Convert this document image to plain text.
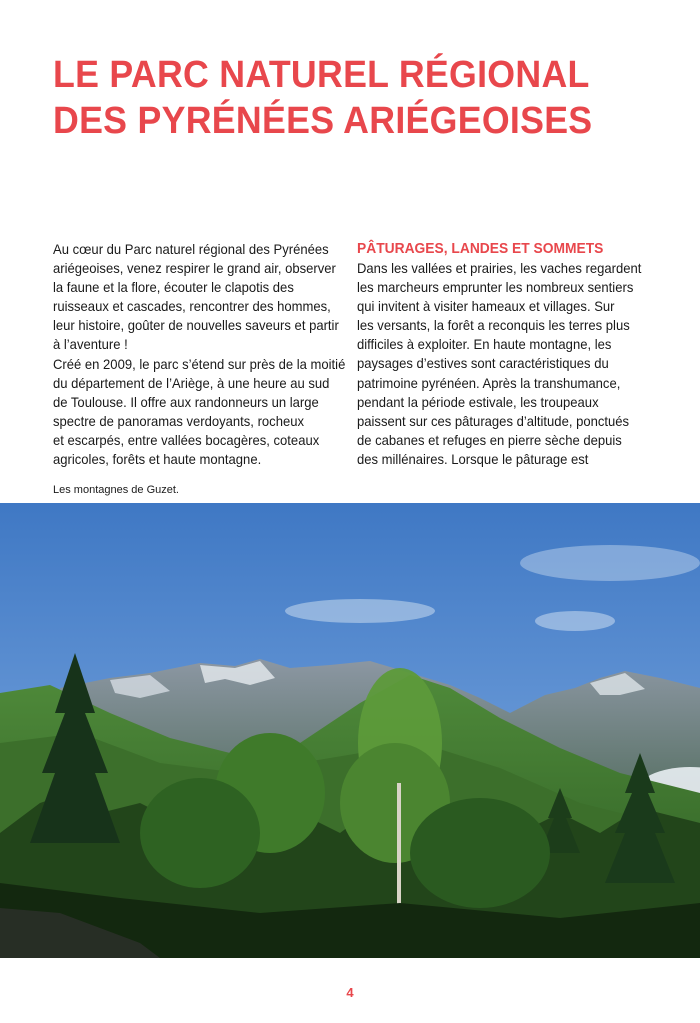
LE PARC NATUREL RÉGIONAL
DES PYRÉNÉES ARIÉGEOISES

Au cœur du Parc naturel régional des Pyrénées
ariégeoises, venez respirer le grand air, observer
la faune et la flore, écouter le clapotis des
ruisseaux et cascades, rencontrer des hommes,
leur histoire, goûter de nouvelles saveurs et partir
à l’aventure !

Créé en 2009, le parc s’étend sur près de la moitié
du département de l’Ariège, à une heure au sud
de Toulouse. Il offre aux randonneurs un large
spectre de panoramas verdoyants, rocheux
et escarpés, entre vallées bocagères, coteaux
agricoles, forêts et haute montagne.

PÂTURAGES, LANDES ET SOMMETS

Dans les vallées et prairies, les vaches regardent
les marcheurs emprunter les nombreux sentiers
qui invitent à visiter hameaux et villages. Sur
les versants, la forêt a reconquis les terres plus
difficiles à exploiter. En haute montagne, les
paysages d’estives sont caractéristiques du
patrimoine pyrénéen. Après la transhumance,
pendant la période estivale, les troupeaux
paissent sur ces pâturages d’altitude, ponctués
de cabanes et refuges en pierre sèche depuis
des millénaires. Lorsque le pâturage est

Les montagnes de Guzet.
4
